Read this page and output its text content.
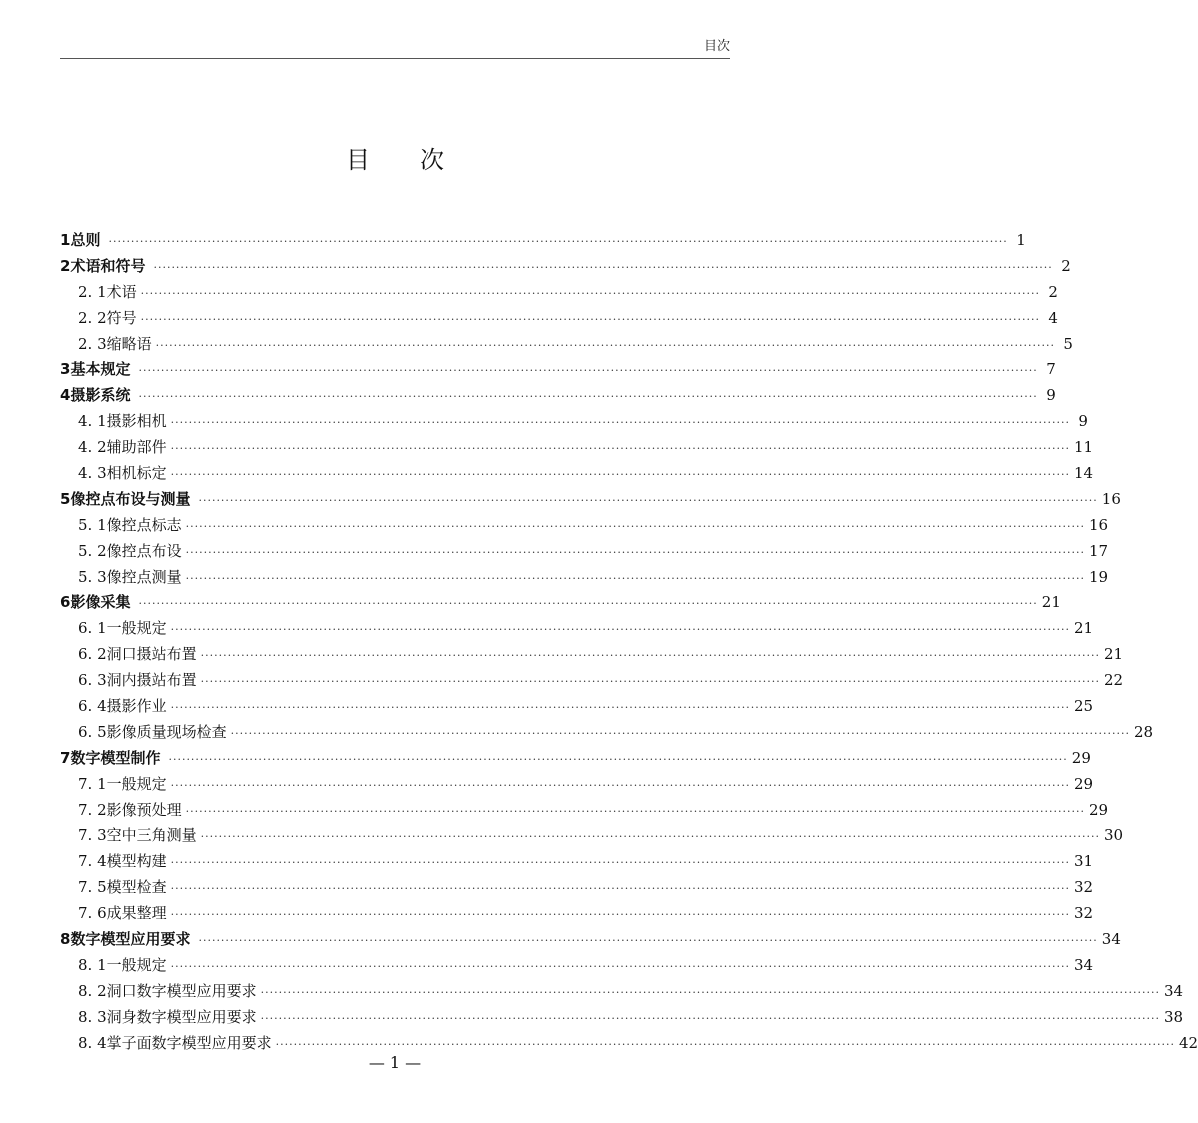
目次
目次
1 总则 ········································································································································································································ 1
2 术语和符号 ········································································································································································································ 2
2. 1 术语 ········································································································································································································ 2
2. 2 符号 ········································································································································································································ 4
2. 3 缩略语 ········································································································································································································ 5
3 基本规定 ········································································································································································································ 7
4 摄影系统 ········································································································································································································ 9
4. 1 摄影相机 ········································································································································································································ 9
4. 2 辅助部件 ········································································································································································································ 11
4. 3 相机标定 ········································································································································································································ 14
5 像控点布设与测量 ········································································································································································································ 16
5. 1 像控点标志 ········································································································································································································ 16
5. 2 像控点布设 ········································································································································································································ 17
5. 3 像控点测量 ········································································································································································································ 19
6 影像采集 ········································································································································································································ 21
6. 1 一般规定 ········································································································································································································ 21
6. 2 洞口摄站布置 ········································································································································································································ 21
6. 3 洞内摄站布置 ········································································································································································································ 22
6. 4 摄影作业 ········································································································································································································ 25
6. 5 影像质量现场检查 ········································································································································································································ 28
7 数字模型制作 ········································································································································································································ 29
7. 1 一般规定 ········································································································································································································ 29
7. 2 影像预处理 ········································································································································································································ 29
7. 3 空中三角测量 ········································································································································································································ 30
7. 4 模型构建 ········································································································································································································ 31
7. 5 模型检查 ········································································································································································································ 32
7. 6 成果整理 ········································································································································································································ 32
8 数字模型应用要求 ········································································································································································································ 34
8. 1 一般规定 ········································································································································································································ 34
8. 2 洞口数字模型应用要求 ········································································································································································································ 34
8. 3 洞身数字模型应用要求 ········································································································································································································ 38
8. 4 掌子面数字模型应用要求 ········································································································································································································ 42
— 1 —
